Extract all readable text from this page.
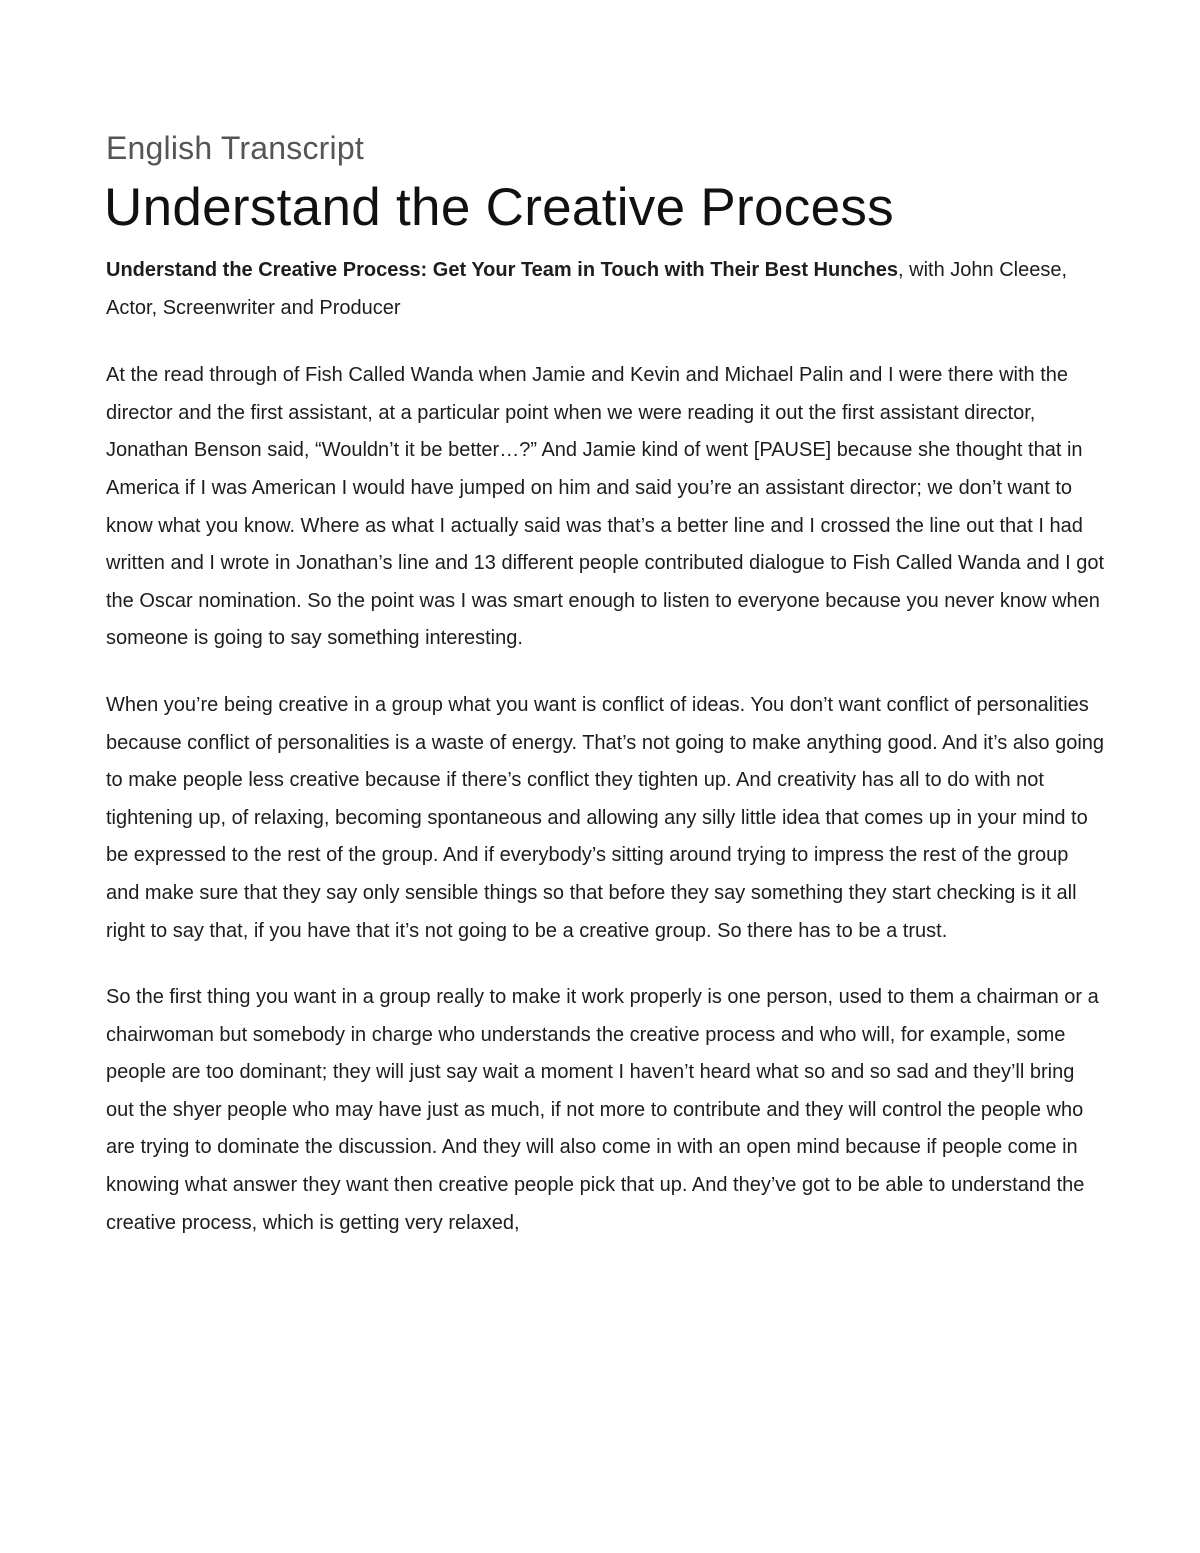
English Transcript

Understand the Creative Process

Understand the Creative Process: Get Your Team in Touch with Their Best Hunches, with John Cleese, Actor, Screenwriter and Producer

At the read through of Fish Called Wanda when Jamie and Kevin and Michael Palin and I were there with the director and the first assistant, at a particular point when we were reading it out the first assistant director, Jonathan Benson said, “Wouldn’t it be better…?” And Jamie kind of went [PAUSE] because she thought that in America if I was American I would have jumped on him and said you’re an assistant director; we don’t want to know what you know. Where as what I actually said was that’s a better line and I crossed the line out that I had written and I wrote in Jonathan’s line and 13 different people contributed dialogue to Fish Called Wanda and I got the Oscar nomination. So the point was I was smart enough to listen to everyone because you never know when someone is going to say something interesting.

When you’re being creative in a group what you want is conflict of ideas. You don’t want conflict of personalities because conflict of personalities is a waste of energy. That’s not going to make anything good. And it’s also going to make people less creative because if there’s conflict they tighten up. And creativity has all to do with not tightening up, of relaxing, becoming spontaneous and allowing any silly little idea that comes up in your mind to be expressed to the rest of the group. And if everybody’s sitting around trying to impress the rest of the group and make sure that they say only sensible things so that before they say something they start checking is it all right to say that, if you have that it’s not going to be a creative group. So there has to be a trust.

So the first thing you want in a group really to make it work properly is one person, used to them a chairman or a chairwoman but somebody in charge who understands the creative process and who will, for example, some people are too dominant; they will just say wait a moment I haven’t heard what so and so sad and they’ll bring out the shyer people who may have just as much, if not more to contribute and they will control the people who are trying to dominate the discussion. And they will also come in with an open mind because if people come in knowing what answer they want then creative people pick that up. And they’ve got to be able to understand the creative process, which is getting very relaxed,
